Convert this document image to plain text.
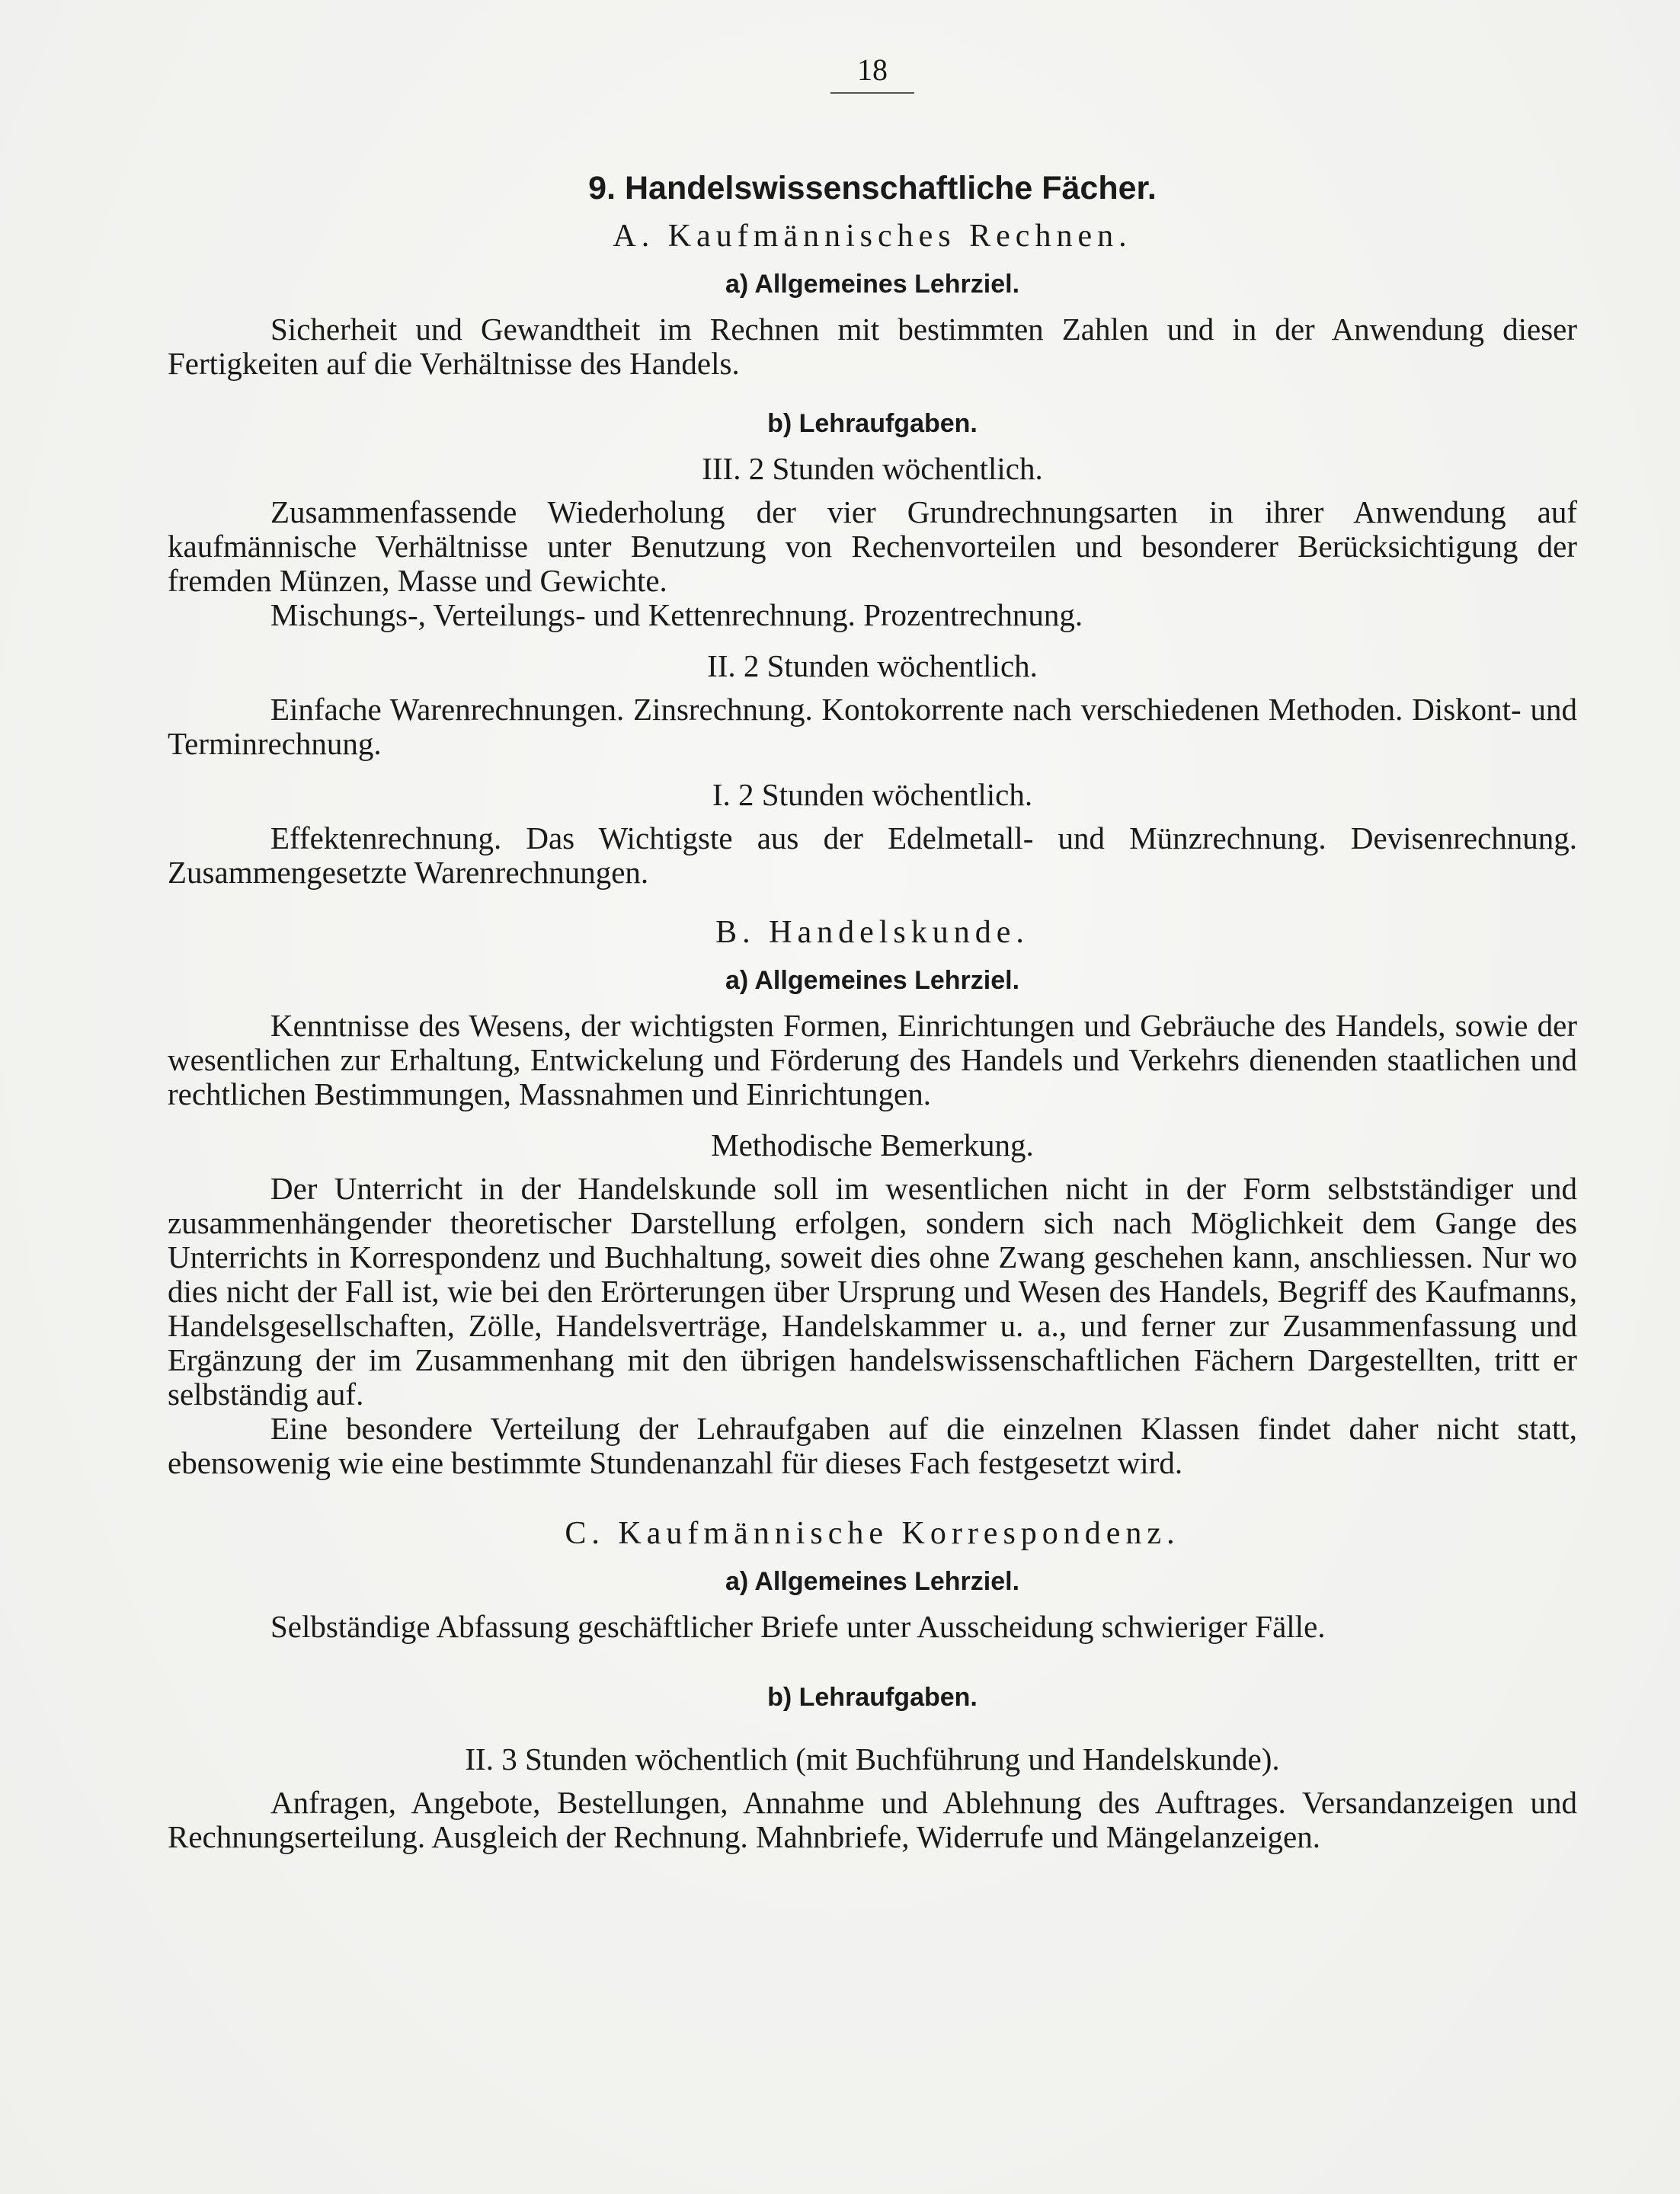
18

9. Handelswissenschaftliche Fächer.

A. Kaufmännisches Rechnen.

a) Allgemeines Lehrziel.

Sicherheit und Gewandtheit im Rechnen mit bestimmten Zahlen und in der Anwendung dieser Fertigkeiten auf die Verhältnisse des Handels.

b) Lehraufgaben.

III. 2 Stunden wöchentlich.

Zusammenfassende Wiederholung der vier Grundrechnungsarten in ihrer Anwendung auf kaufmännische Verhältnisse unter Benutzung von Rechenvorteilen und besonderer Berücksichtigung der fremden Münzen, Masse und Gewichte.

Mischungs-, Verteilungs- und Kettenrechnung. Prozentrechnung.

II. 2 Stunden wöchentlich.

Einfache Warenrechnungen. Zinsrechnung. Kontokorrente nach verschiedenen Methoden. Diskont- und Terminrechnung.

I. 2 Stunden wöchentlich.

Effektenrechnung. Das Wichtigste aus der Edelmetall- und Münzrechnung. Devisenrechnung. Zusammengesetzte Warenrechnungen.

B. Handelskunde.

a) Allgemeines Lehrziel.

Kenntnisse des Wesens, der wichtigsten Formen, Einrichtungen und Gebräuche des Handels, sowie der wesentlichen zur Erhaltung, Entwickelung und Förderung des Handels und Verkehrs dienenden staatlichen und rechtlichen Bestimmungen, Massnahmen und Einrichtungen.

Methodische Bemerkung.

Der Unterricht in der Handelskunde soll im wesentlichen nicht in der Form selbstständiger und zusammenhängender theoretischer Darstellung erfolgen, sondern sich nach Möglichkeit dem Gange des Unterrichts in Korrespondenz und Buchhaltung, soweit dies ohne Zwang geschehen kann, anschliessen. Nur wo dies nicht der Fall ist, wie bei den Erörterungen über Ursprung und Wesen des Handels, Begriff des Kaufmanns, Handelsgesellschaften, Zölle, Handelsverträge, Handelskammer u. a., und ferner zur Zusammenfassung und Ergänzung der im Zusammenhang mit den übrigen handelswissenschaftlichen Fächern Dargestellten, tritt er selbständig auf.

Eine besondere Verteilung der Lehraufgaben auf die einzelnen Klassen findet daher nicht statt, ebensowenig wie eine bestimmte Stundenanzahl für dieses Fach festgesetzt wird.

C. Kaufmännische Korrespondenz.

a) Allgemeines Lehrziel.

Selbständige Abfassung geschäftlicher Briefe unter Ausscheidung schwieriger Fälle.

b) Lehraufgaben.

II. 3 Stunden wöchentlich (mit Buchführung und Handelskunde).

Anfragen, Angebote, Bestellungen, Annahme und Ablehnung des Auftrages. Versandanzeigen und Rechnungserteilung. Ausgleich der Rechnung. Mahnbriefe, Widerrufe und Mängelanzeigen.
